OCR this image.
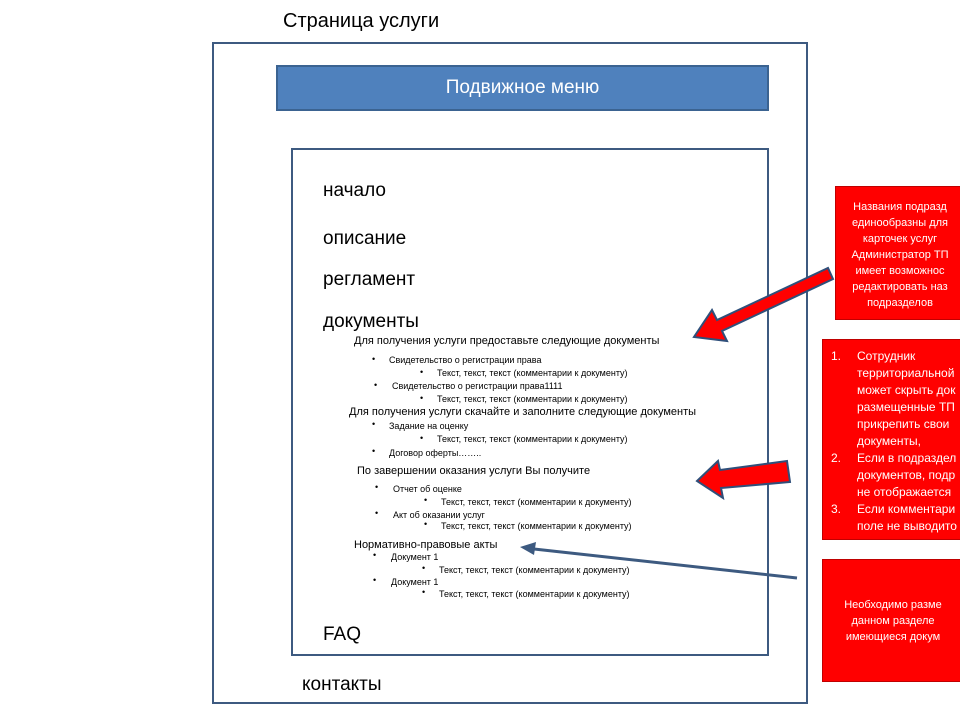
Страница услуги
Подвижное меню
начало
описание
регламент
документы
Для получения услуги предоставьте следующие документы
• Свидетельство о регистрации права
• Текст, текст, текст (комментарии к документу)
• Свидетельство о регистрации права1111
• Текст, текст, текст (комментарии к документу)
Для получения услуги скачайте и заполните следующие документы
• Задание на оценку
• Текст, текст, текст (комментарии к документу)
• Договор оферты……..
По завершении оказания услуги Вы получите
• Отчет об оценке
• Текст, текст, текст (комментарии к документу)
• Акт об оказании услуг
• Текст, текст, текст (комментарии к документу)
Нормативно-правовые акты
• Документ 1
• Текст, текст, текст (комментарии к документу)
• Документ 1
• Текст, текст, текст (комментарии к документу)
FAQ
контакты
Названия подразд
единообразны для
карточек услуг
Администратор ТП
имеет возможнос
редактировать наз
подразделов
1. Сотрудник
территориальной
может скрыть док
размещенные ТП
прикрепить свои
документы,
2. Если в подраздел
документов, подр
не отображается
3. Если комментари
поле не выводито
Необходимо разме
данном разделе
имеющиеся докум
